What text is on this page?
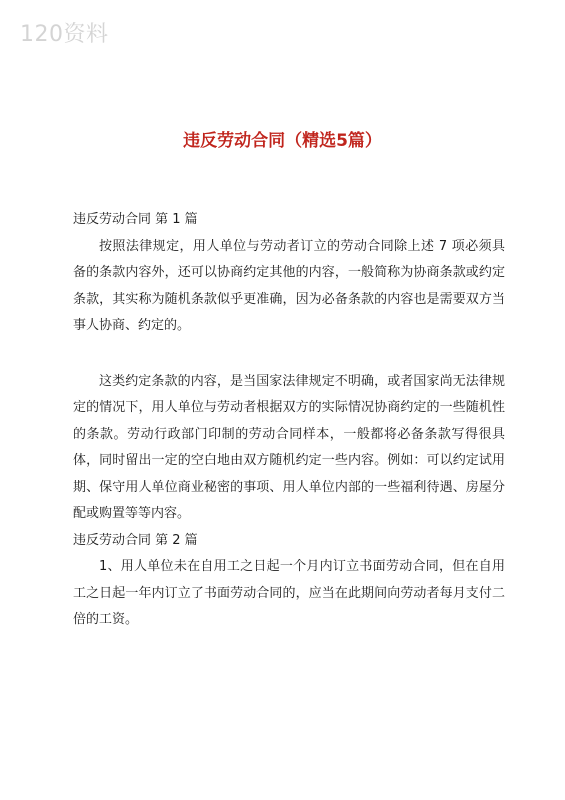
120资料
违反劳动合同（精选5篇）

违反劳动合同 第 1 篇

按照法律规定，用人单位与劳动者订立的劳动合同除上述 7 项必须具备的条款内容外，还可以协商约定其他的内容，一般简称为协商条款或约定条款，其实称为随机条款似乎更准确，因为必备条款的内容也是需要双方当事人协商、约定的。

这类约定条款的内容，是当国家法律规定不明确，或者国家尚无法律规定的情况下，用人单位与劳动者根据双方的实际情况协商约定的一些随机性的条款。劳动行政部门印制的劳动合同样本，一般都将必备条款写得很具体，同时留出一定的空白地由双方随机约定一些内容。例如：可以约定试用期、保守用人单位商业秘密的事项、用人单位内部的一些福利待遇、房屋分配或购置等等内容。

违反劳动合同 第 2 篇

1、用人单位未在自用工之日起一个月内订立书面劳动合同，但在自用工之日起一年内订立了书面劳动合同的，应当在此期间向劳动者每月支付二倍的工资。
